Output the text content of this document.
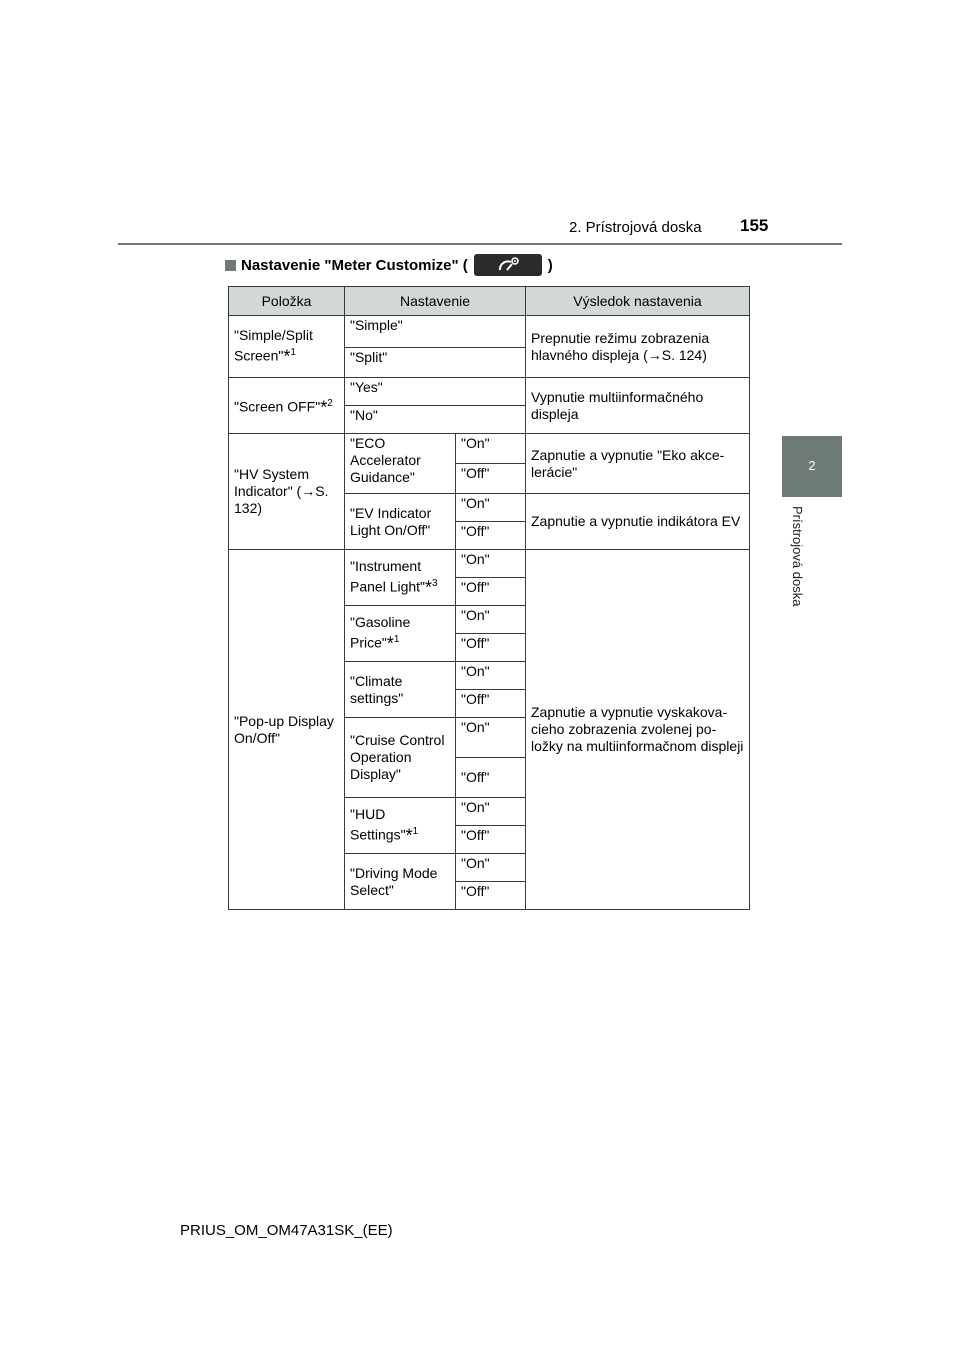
2. Prístrojová doska 155
2
Prístrojová doska
Nastavenie "Meter Customize" (	)
Položka	Nastavenie		Výsledok nastavenia
"Simple/Split Screen"*$^1$	"Simple"		Prepnutie režimu zobrazenia hlavného displeja (→S. 124)
	"Split"		
"Screen OFF"*$^2$	"Yes"		Vypnutie multiinformačného displeja
	"No"		
"HV System Indicator" (→S. 132)	"ECO Accelerator Guidance"	"On"	Zapnutie a vypnutie "Eko akce-lerácie"
		"Off"	
	"EV Indicator Light On/Off"	"On"	Zapnutie a vypnutie indikátora EV
		"Off"	
"Pop-up Display On/Off"	"Instrument Panel Light"*$^3$	"On"	Zapnutie a vypnutie vyskakova-cieho zobrazenia zvolenej po-ložky na multiinformačnom displeji
		"Off"	
	"Gasoline Price"*$^1$	"On"	
		"Off"	
	"Climate settings"	"On"	
		"Off"	
	"Cruise Control Operation Display"	"On"	
		"Off"	
	"HUD Settings"*$^1$	"On"	
		"Off"	
	"Driving Mode Select"	"On"	
		"Off"	
PRIUS_OM_OM47A31SK_(EE)
